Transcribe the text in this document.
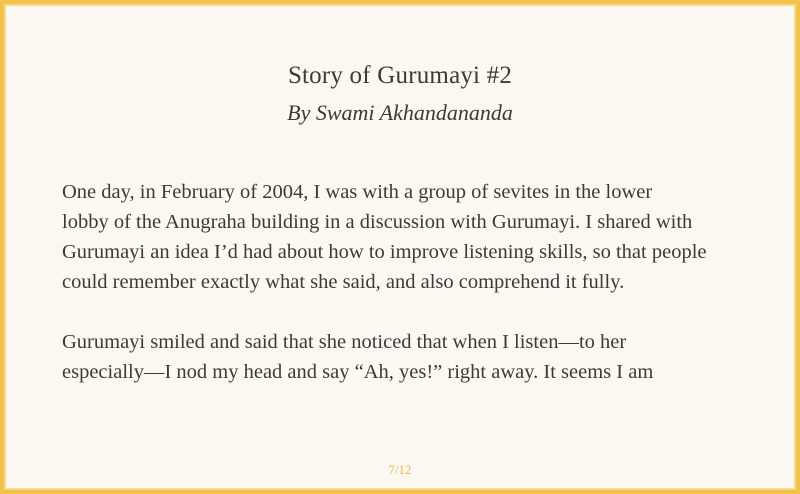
Story of Gurumayi #2
By Swami Akhandananda

One day, in February of 2004, I was with a group of sevites in the lower
lobby of the Anugraha building in a discussion with Gurumayi. I shared with
Gurumayi an idea I’d had about how to improve listening skills, so that people
could remember exactly what she said, and also comprehend it fully.

Gurumayi smiled and said that she noticed that when I listen—to her
especially—I nod my head and say “Ah, yes!” right away. It seems I am

7/12
